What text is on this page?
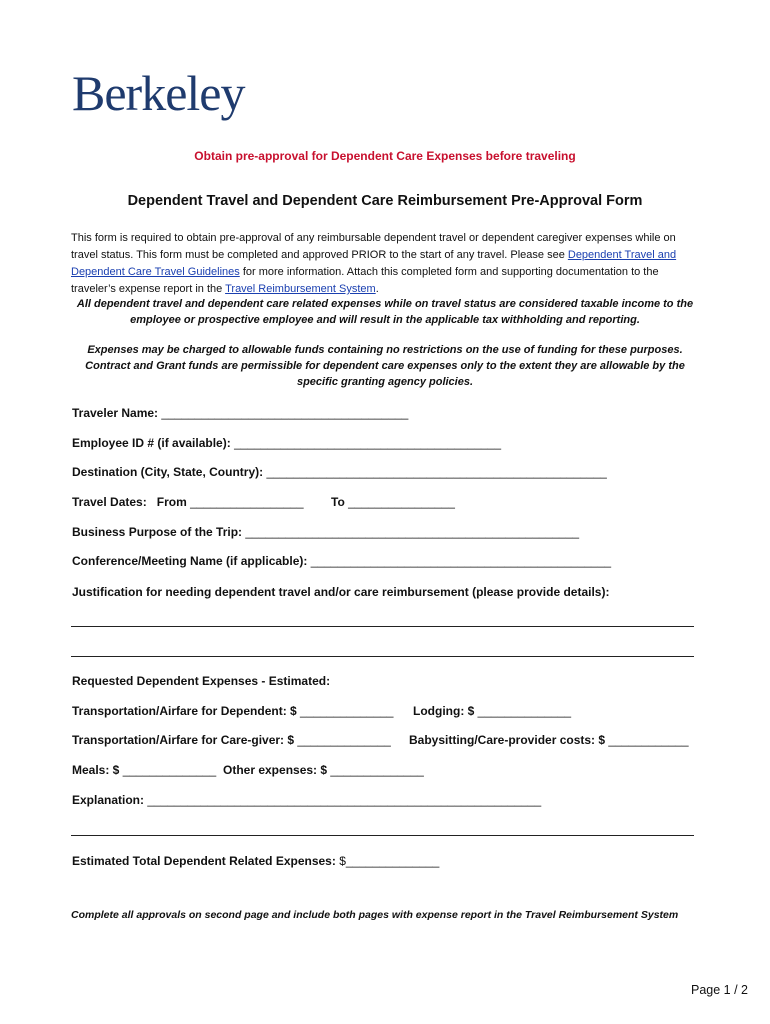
Berkeley
Obtain pre-approval for Dependent Care Expenses before traveling
Dependent Travel and Dependent Care Reimbursement Pre-Approval Form
This form is required to obtain pre-approval of any reimbursable dependent travel or dependent caregiver expenses while on travel status. This form must be completed and approved PRIOR to the start of any travel. Please see Dependent Travel and Dependent Care Travel Guidelines for more information. Attach this completed form and supporting documentation to the traveler’s expense report in the Travel Reimbursement System.
All dependent travel and dependent care related expenses while on travel status are considered taxable income to the employee or prospective employee and will result in the applicable tax withholding and reporting.
Expenses may be charged to allowable funds containing no restrictions on the use of funding for these purposes. Contract and Grant funds are permissible for dependent care expenses only to the extent they are allowable by the specific granting agency policies.
Traveler Name: _____________________________________
Employee ID # (if available): ________________________________________
Destination (City, State, Country): ___________________________________________________
Travel Dates: From _________________ To ________________
Business Purpose of the Trip: __________________________________________________
Conference/Meeting Name (if applicable): _____________________________________________
Justification for needing dependent travel and/or care reimbursement (please provide details):
Requested Dependent Expenses - Estimated:
Transportation/Airfare for Dependent: $ ______________ Lodging: $ ______________
Transportation/Airfare for Care-giver: $ ______________ Babysitting/Care-provider costs: $ ____________
Meals: $ ______________ Other expenses: $ ______________
Explanation: ___________________________________________________________
Estimated Total Dependent Related Expenses: $______________
Complete all approvals on second page and include both pages with expense report in the Travel Reimbursement System
Page 1 / 2
